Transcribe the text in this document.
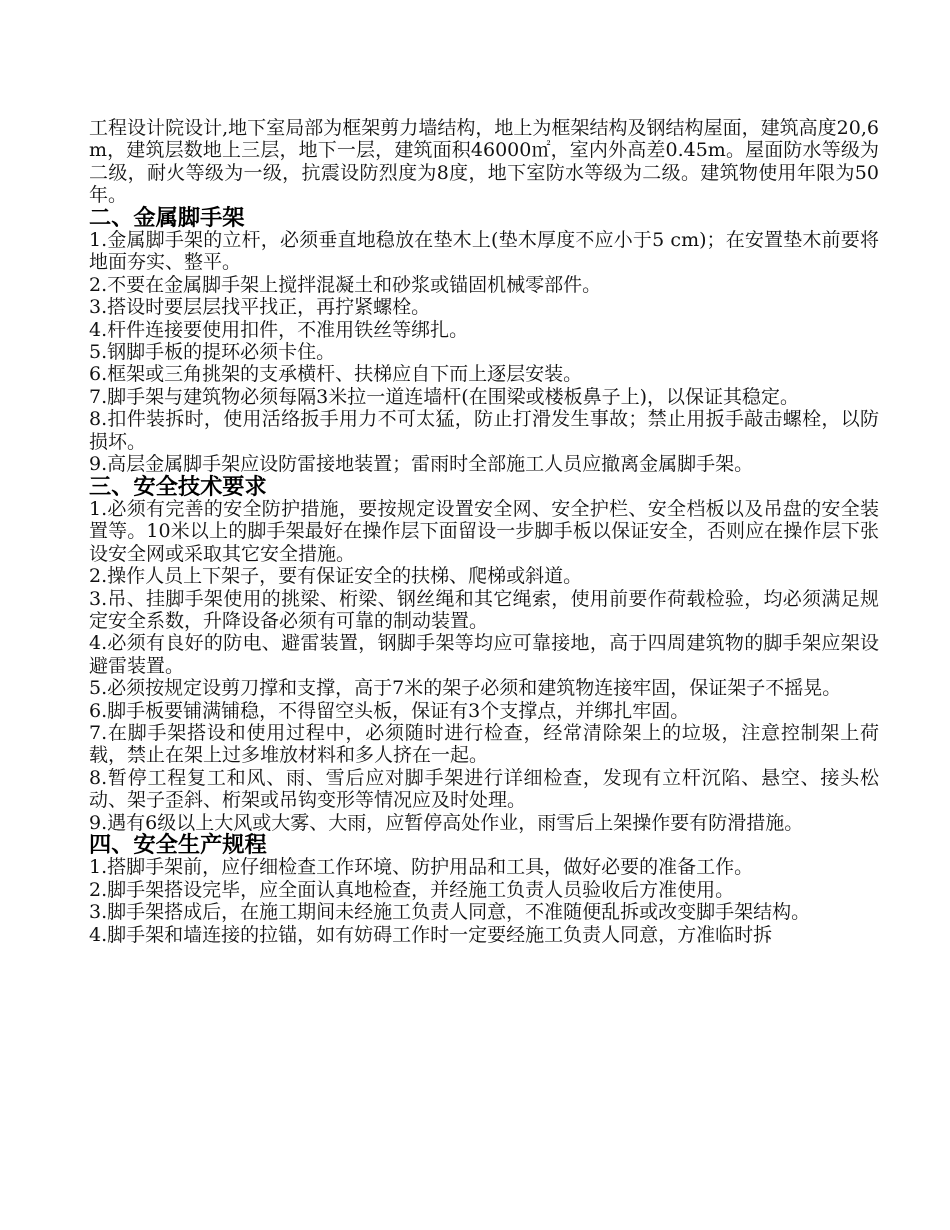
工程设计院设计,地下室局部为框架剪力墙结构，地上为框架结构及钢结构屋面，建筑高度20,6m，建筑层数地上三层，地下一层，建筑面积46000㎡，室内外高差0.45m。屋面防水等级为二级，耐火等级为一级，抗震设防烈度为8度，地下室防水等级为二级。建筑物使用年限为50年。

二、金属脚手架

1.金属脚手架的立杆，必须垂直地稳放在垫木上(垫木厚度不应小于5 cm)；在安置垫木前要将地面夯实、整平。

2.不要在金属脚手架上搅拌混凝土和砂浆或锚固机械零部件。

3.搭设时要层层找平找正，再拧紧螺栓。

4.杆件连接要使用扣件，不准用铁丝等绑扎。

5.钢脚手板的提环必须卡住。

6.框架或三角挑架的支承横杆、扶梯应自下而上逐层安装。

7.脚手架与建筑物必须每隔3米拉一道连墙杆(在围梁或楼板鼻子上)，以保证其稳定。

8.扣件装拆时，使用活络扳手用力不可太猛，防止打滑发生事故；禁止用扳手敲击螺栓，以防损坏。

9.高层金属脚手架应设防雷接地装置；雷雨时全部施工人员应撤离金属脚手架。

三、安全技术要求

1.必须有完善的安全防护措施，要按规定设置安全网、安全护栏、安全档板以及吊盘的安全装置等。10米以上的脚手架最好在操作层下面留设一步脚手板以保证安全，否则应在操作层下张设安全网或采取其它安全措施。

2.操作人员上下架子，要有保证安全的扶梯、爬梯或斜道。

3.吊、挂脚手架使用的挑梁、桁梁、钢丝绳和其它绳索，使用前要作荷载检验，均必须满足规定安全系数，升降设备必须有可靠的制动装置。

4.必须有良好的防电、避雷装置，钢脚手架等均应可靠接地，高于四周建筑物的脚手架应架设避雷装置。

5.必须按规定设剪刀撑和支撑，高于7米的架子必须和建筑物连接牢固，保证架子不摇晃。

6.脚手板要铺满铺稳，不得留空头板，保证有3个支撑点，并绑扎牢固。

7.在脚手架搭设和使用过程中，必须随时进行检查，经常清除架上的垃圾，注意控制架上荷载，禁止在架上过多堆放材料和多人挤在一起。

8.暂停工程复工和风、雨、雪后应对脚手架进行详细检查，发现有立杆沉陷、悬空、接头松动、架子歪斜、桁架或吊钩变形等情况应及时处理。

9.遇有6级以上大风或大雾、大雨，应暂停高处作业，雨雪后上架操作要有防滑措施。

四、安全生产规程

1.搭脚手架前，应仔细检查工作环境、防护用品和工具，做好必要的准备工作。

2.脚手架搭设完毕，应全面认真地检查，并经施工负责人员验收后方准使用。

3.脚手架搭成后，在施工期间未经施工负责人同意，不准随便乱拆或改变脚手架结构。

4.脚手架和墙连接的拉锚，如有妨碍工作时一定要经施工负责人同意，方准临时拆
